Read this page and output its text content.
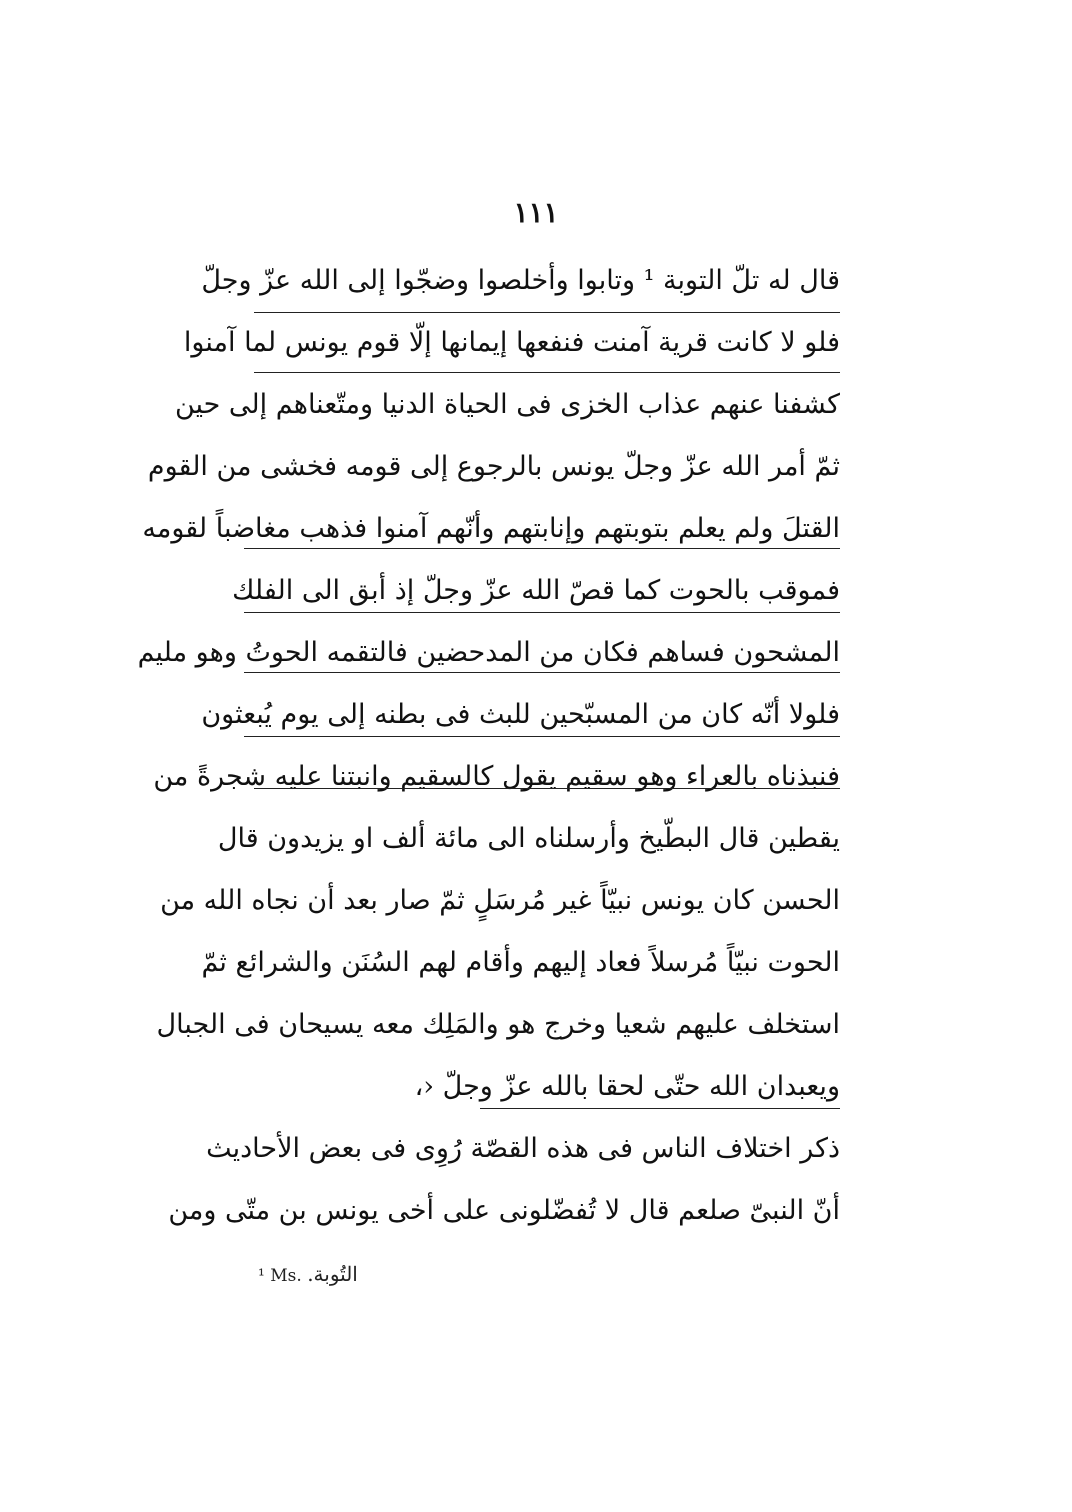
١١١
قال له تلّ التوبة ¹ وتابوا وأخلصوا وضجّوا إلى الله عزّ وجلّ
فلو لا كانت قرية آمنت فنفعها إيمانها إلّا قوم يونس لما آمنوا
كشفنا عنهم عذاب الخزى فى الحياة الدنيا ومتّعناهم إلى حين
ثمّ أمر الله عزّ وجلّ يونس بالرجوع إلى قومه فخشى من القوم
القتلَ ولم يعلم بتوبتهم وإنابتهم وأنّهم آمنوا فذهب مغاضباً لقومه
فموقب بالحوت كما قصّ الله عزّ وجلّ إذ أبق الى الفلك
المشحون فساهم فكان من المدحضين فالتقمه الحوتُ وهو مليم
فلولا أنّه كان من المسبّحين للبث فى بطنه إلى يوم يُبعثون
فنبذناه بالعراء وهو سقيم يقول كالسقيم وانبتنا عليه شجرةً من
يقطين قال البطّيخ وأرسلناه الى مائة ألف او يزيدون قال
الحسن كان يونس نبيّاً غير مُرسَلٍ ثمّ صار بعد أن نجاه الله من
الحوت نبيّاً مُرسلاً فعاد إليهم وأقام لهم السُنَن والشرائع ثمّ
استخلف عليهم شعيا وخرج هو والمَلِك معه يسيحان فى الجبال
ويعبدان الله حتّى لحقا بالله عزّ وجلّ ‹،
ذكر اختلاف الناس فى هذه القصّة رُوِى فى بعض الأحاديث
أنّ النبىّ صلعم قال لا تُفضّلونى على أخى يونس بن متّى ومن
¹ Ms. التُوبة.
